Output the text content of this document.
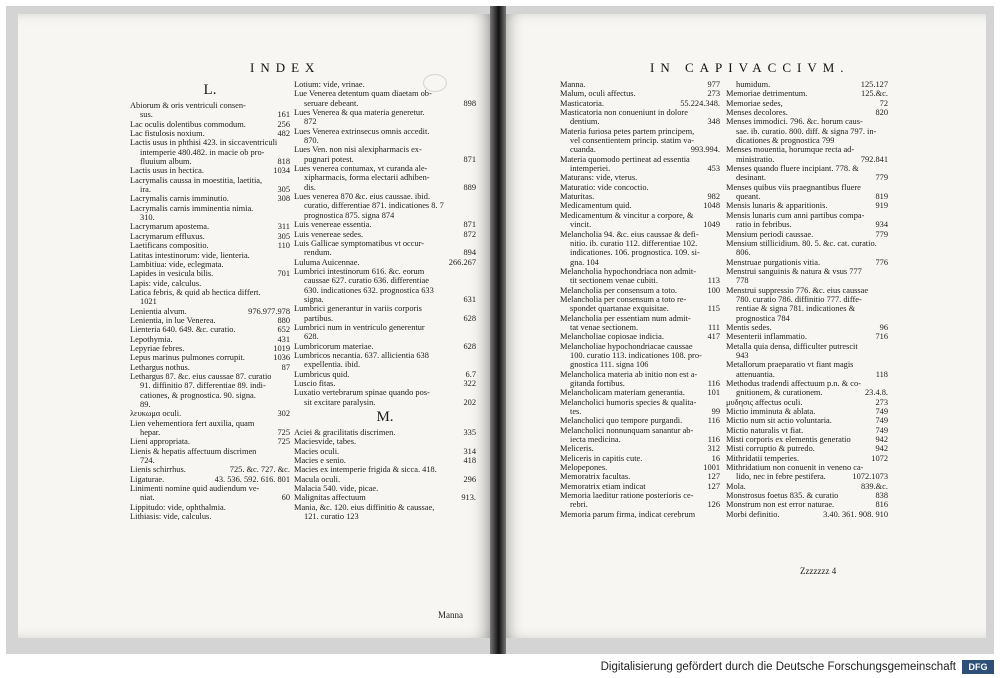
INDEX
L.
Abiorum & oris ventriculi consen-
sus.	161
Lac oculis dolentibus commodum.	256
Lac fistulosis noxium.	482
Lactis usus in phthisi 423. in siccaventriculi
intemperie 480.482. in macie ob pro-
fluuium album.	818
Lactis usus in hectica.	1034
Lacrymalis caussa in moestitia, laetitia,
ira.	305
Lacrymalis carnis imminutio.	308
Lacrymalis carnis imminentia nimia.
310.
Lacrymarum apostema.	311
Lacrymarum effluxus.	305
Laetificans compositio.	110
Latitas intestinorum: vide, lienteria.
Lambitiua: vide, eclegmata.
Lapides in vesicula bilis.	701
Lapis: vide, calculus.
Latica febris, & quid ab hectica differt.
1021
Lenientia alvum.	976.977.978
Lenientia, in lue Venerea.	880
Lienteria 640. 649. &c. curatio.	652
Lepothymia.	431
Lepyriae febres.	1019
Lepus marinus pulmones corrupit.	1036
Lethargus nothus.	87
Lethargus 87. &c. eius caussae 87. curatio
91. diffinitio 87. differentiae 89. indi-
cationes, & prognostica. 90. signa.
89.
λευκωμα oculi.	302
Lien vehementiora fert auxilia, quam
hepar.	725
Lieni appropriata.	725
Lienis & hepatis affectuum discrimen
724.
Lienis schirrhus.	725. &c. 727. &c.
Ligaturae.	43. 536. 592. 616. 801
Linimenti nomine quid audiendum ve-
niat.	60
Lippitudo: vide, ophthalmia.
Lithiasis: vide, calculus.
Lotium: vide, vrinae.
Lue Venerea detentum quam diaetam ob-
seruare debeant.	898
Lues Venerea & qua materia generetur.
872
Lues Venerea extrinsecus omnis accedit.
870.
Lues Ven. non nisi alexipharmacis ex-
pugnari potest.	871
Lues venerea contumax, vt curanda ale-
xipharmacis, forma electarii adhiben-
dis.	889
Lues venerea 870 &c. eius caussae. ibid.
curatio, differentiae 871. indicationes 8. 7
prognostica 875. signa 874
Luis venereae essentia.	871
Luis venereae sedes.	872
Luis Gallicae symptomatibus vt occur-
rendum.	894
Luluma Auicennae.	266.267
Lumbrici intestinorum 616. &c. eorum
caussae 627. curatio 636. differentiae
630. indicationes 632. prognostica 633
signa.	631
Lumbrici generantur in variis corporis
partibus.	628
Lumbrici num in ventriculo generentur
628.
Lumbricorum materiae.	628
Lumbricos necantia. 637. allicientia 638
expellentia. ibid.
Lumbricus quid.	6.7
Luscio fitas.	322
Luxatio vertebrarum spinae quando pos-
sit excitare paralysin.	202
M.
Aciei & gracilitatis discrimen.	335
Maciesvide, tabes.
Macies oculi.	314
Macies e senio.	418
Macies ex intemperie frigida & sicca. 418.
Macula oculi.	296
Malacia 540. vide, picae.
Malignitas affectuum	913.
Mania, &c. 120. eius diffinitio & caussae,
121. curatio 123
Manna
IN CAPIVACCIVM.
Manna.	977
Malum, oculi affectus.	273
Masticatoria.	55.224.348.
Masticatoria non conueniunt in dolore
dentium.	348
Materia furiosa petes partem principem,
vel consentientem princip. statim va-
cuanda.	993.994.
Materia quomodo pertineat ad essentia
intemperiei.	453
Maturans: vide, vterus.
Maturatio: vide concoctio.
Maturitas.	982
Medicamentum quid.	1048
Medicamentum & vincitur a corpore, &
vincit.	1049
Melancholia 94. &c. eius caussae & defi-
nitio. ib. curatio 112. differentiae 102.
indicationes. 106. prognostica. 109. si-
gna. 104
Melancholia hypochondriaca non admit-
tit sectionem venae cubiti.	113
Melancholia per consensum a toto.	100
Melancholia per consensum a toto re-
spondet quartanae exquisitae.	115
Melancholia per essentiam num admit-
tat venae sectionem.	111
Melancholiae copiosae indicia.	417
Melancholiae hypochondriacae caussae
100. curatio 113. indicationes 108. pro-
gnostica 111. signa 106
Melancholica materia ab initio non est a-
gitanda fortibus.	116
Melancholicam materiam generantia.	101
Melancholici humoris species & qualita-
tes.	99
Melancholici quo tempore purgandi.	116
Melancholici nonnunquam sanantur ab-
iecta medicina.	116
Meliceris.	312
Meliceris in capitis cute.	16
Melopepones.	1001
Memoratrix facultas.	127
Memoratrix etiam indicat	127
Memoria laeditur ratione posterioris ce-
rebri.	126
Memoria parum firma, indicat cerebrum
humidum.	125.127
Memoriae detrimentum.	125.&c.
Memoriae sedes,	72
Menses decolores.	820
Menses immodici. 796. &c. horum caus-
sae. ib. curatio. 800. diff. & signa 797. in-
dicationes & prognostica 799
Menses mouentia, horumque recta ad-
ministratio.	792.841
Menses quando fluere incipiant. 778. &
desinant.	779
Menses quibus viis praegnantibus fluere
queant.	819
Mensis lunaris & apparitionis.	919
Mensis lunaris cum anni partibus compa-
ratio in febribus.	934
Mensium periodi caussae.	779
Mensium stillicidium. 80. 5. &c. cat. curatio.
806.
Menstruae purgationis vitia.	776
Menstrui sanguinis & natura & vsus 777
778
Menstrui suppressio 776. &c. eius caussae
780. curatio 786. diffinitio 777. diffe-
rentiae & signa 781. indicationes &
prognostica 784
Mentis sedes.	96
Mesenterii inflammatio.	716
Metalla quia densa, difficulter putrescit
943
Metallorum praeparatio vt fiant magis
attenuantia.	118
Methodus tradendi affectuum p.n. & co-
gnitionem, & curationem.	23.4.8.
μυδησις affectus oculi.	273
Mictio imminuta & ablata.	749
Mictio num sit actio voluntaria.	749
Mictio naturalis vt fiat.	749
Misti corporis ex elementis generatio	942
Misti corruptio & putredo.	942
Mithridatii temperies.	1072
Mithridatium non conuenit in veneno ca-
lido, nec in febre pestifera.	1072.1073
Mola.	839.&c.
Monstrosus foetus 835. & curatio	838
Monstrum non est error naturae.	816
Morbi definitio.	3.40. 361. 908. 910
Zzzzzzz 4
Digitalisierung gefördert durch die Deutsche Forschungsgemeinschaft	DFG
